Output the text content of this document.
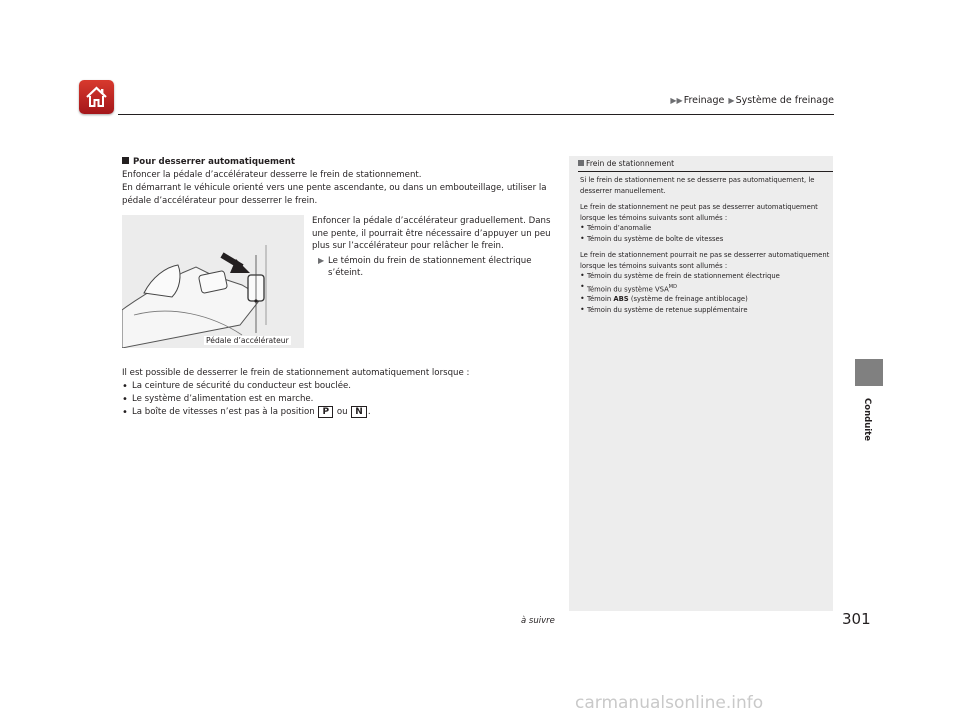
▶▶Freinage ▶Système de freinage

Pour desserrer automatiquement

Enfoncer la pédale d’accélérateur desserre le frein de stationnement.

En démarrant le véhicule orienté vers une pente ascendante, ou dans un embouteillage, utiliser la pédale d’accélérateur pour desserrer le frein.

Pédale d’accélérateur

Enfoncer la pédale d’accélérateur graduellement. Dans une pente, il pourrait être nécessaire d’appuyer un peu plus sur l’accélérateur pour relâcher le frein.

▶ Le témoin du frein de stationnement électrique s’éteint.

Il est possible de desserrer le frein de stationnement automatiquement lorsque :

• La ceinture de sécurité du conducteur est bouclée.
• Le système d’alimentation est en marche.
• La boîte de vitesses n’est pas à la position P ou N .
Frein de stationnement

Si le frein de stationnement ne se desserre pas automatiquement, le desserrer manuellement.

Le frein de stationnement ne peut pas se desserrer automatiquement lorsque les témoins suivants sont allumés :

• Témoin d’anomalie
• Témoin du système de boîte de vitesses

Le frein de stationnement pourrait ne pas se desserrer automatiquement lorsque les témoins suivants sont allumés :

• Témoin du système de frein de stationnement électrique
• Témoin du système $VSA^{MD}$
• Témoin ABS (système de freinage antiblocage)
• Témoin du système de retenue supplémentaire
Conduite
à suivre	301
carmanualsonline.info
